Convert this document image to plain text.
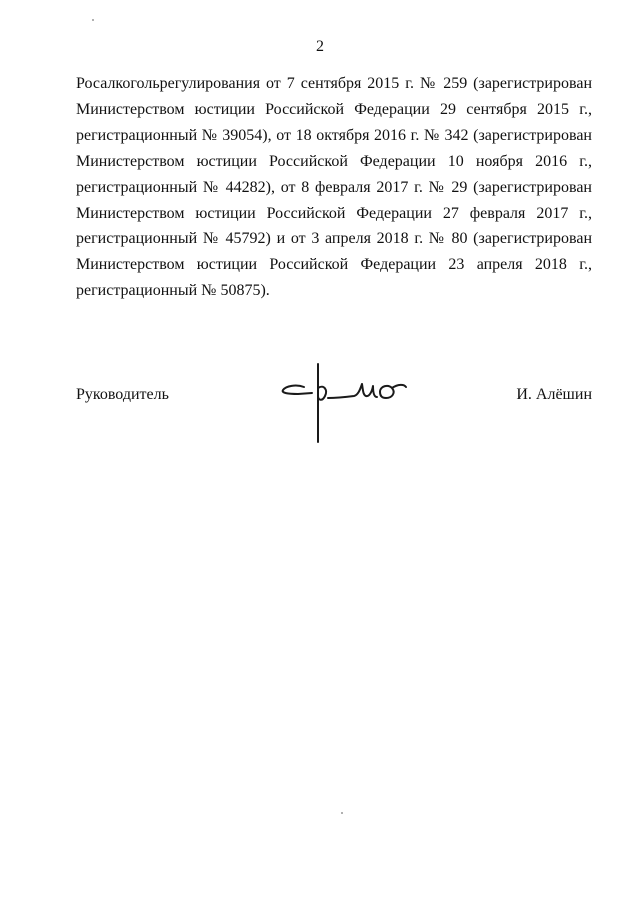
2
Росалкогольрегулирования от 7 сентября 2015 г. № 259 (зарегистрирован
Министерством юстиции Российской Федерации 29 сентября 2015 г.,
регистрационный № 39054), от 18 октября 2016 г. № 342 (зарегистрирован
Министерством юстиции Российской Федерации 10 ноября 2016 г.,
регистрационный № 44282), от 8 февраля 2017 г. № 29 (зарегистрирован
Министерством юстиции Российской Федерации 27 февраля 2017 г.,
регистрационный № 45792) и от 3 апреля 2018 г. № 80 (зарегистрирован
Министерством юстиции Российской Федерации 23 апреля 2018 г.,
регистрационный № 50875).
Руководитель	И. Алёшин
